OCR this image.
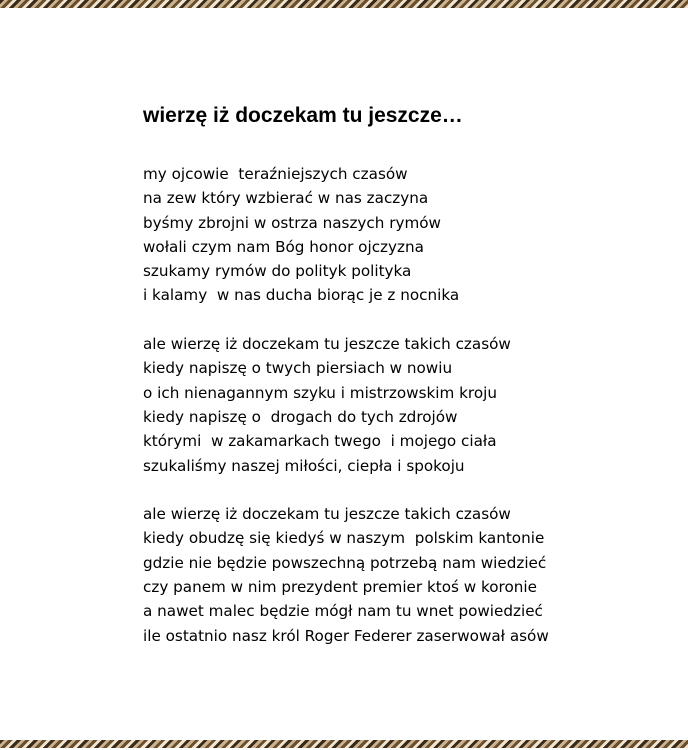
wierzę iż doczekam tu jeszcze…
my ojcowie  teraźniejszych czasów
na zew który wzbierać w nas zaczyna
byśmy zbrojni w ostrza naszych rymów
wołali czym nam Bóg honor ojczyzna
szukamy rymów do polityk polityka
i kalamy  w nas ducha biorąc je z nocnika
ale wierzę iż doczekam tu jeszcze takich czasów
kiedy napiszę o twych piersiach w nowiu
o ich nienagannym szyku i mistrzowskim kroju
kiedy napiszę o  drogach do tych zdrojów
którymi  w zakamarkach twego  i mojego ciała
szukaliśmy naszej miłości, ciepła i spokoju
ale wierzę iż doczekam tu jeszcze takich czasów
kiedy obudzę się kiedyś w naszym  polskim kantonie
gdzie nie będzie powszechną potrzebą nam wiedzieć
czy panem w nim prezydent premier ktoś w koronie
a nawet malec będzie mógł nam tu wnet powiedzieć
ile ostatnio nasz król Roger Federer zaserwował asów
